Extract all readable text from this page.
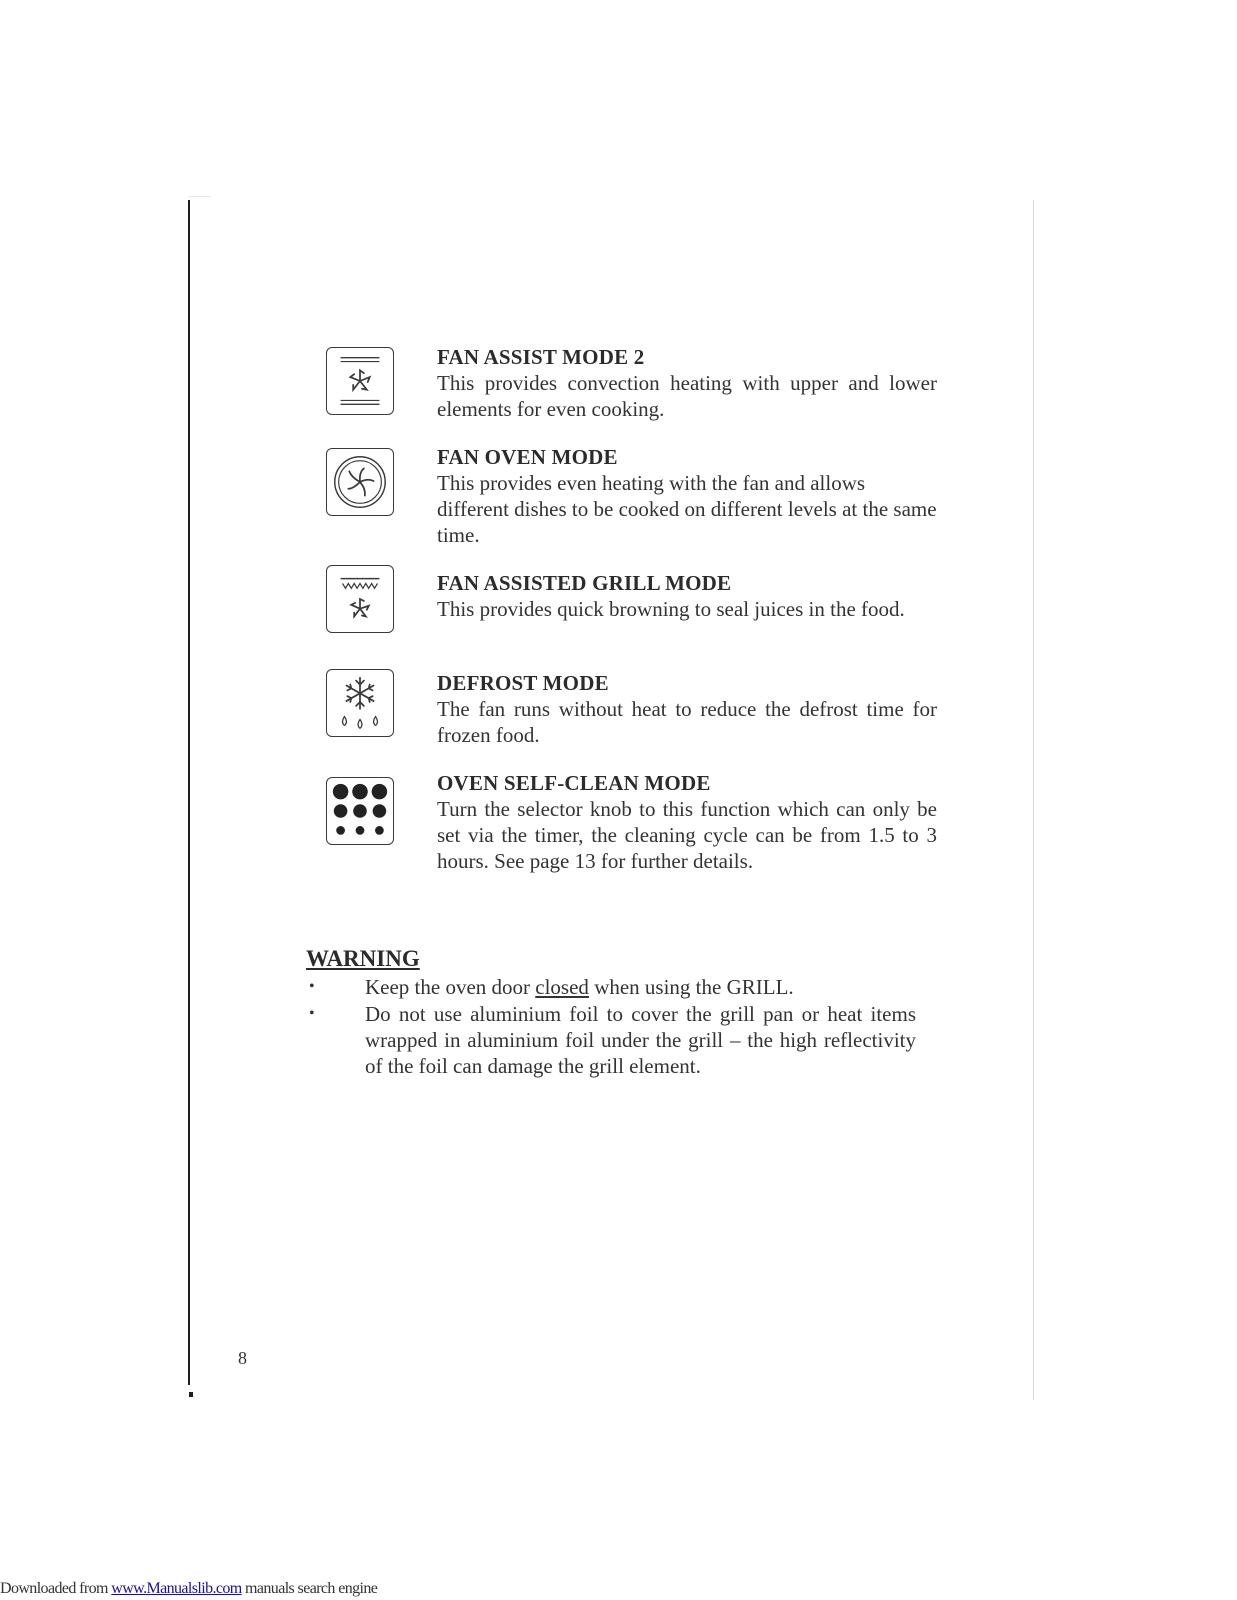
FAN ASSIST MODE 2
This provides convection heating with upper and lower elements for even cooking.
FAN OVEN MODE
This provides even heating with the fan and allows different dishes to be cooked on different levels at the same time.
FAN ASSISTED GRILL MODE
This provides quick browning to seal juices in the food.
DEFROST MODE
The fan runs without heat to reduce the defrost time for frozen food.
OVEN SELF-CLEAN MODE
Turn the selector knob to this function which can only be set via the timer, the cleaning cycle can be from 1.5 to 3 hours. See page 13 for further details.
WARNING
• Keep the oven door closed when using the GRILL.
• Do not use aluminium foil to cover the grill pan or heat items wrapped in aluminium foil under the grill – the high reflectivity of the foil can damage the grill element.
8
Downloaded from www.Manualslib.com manuals search engine
